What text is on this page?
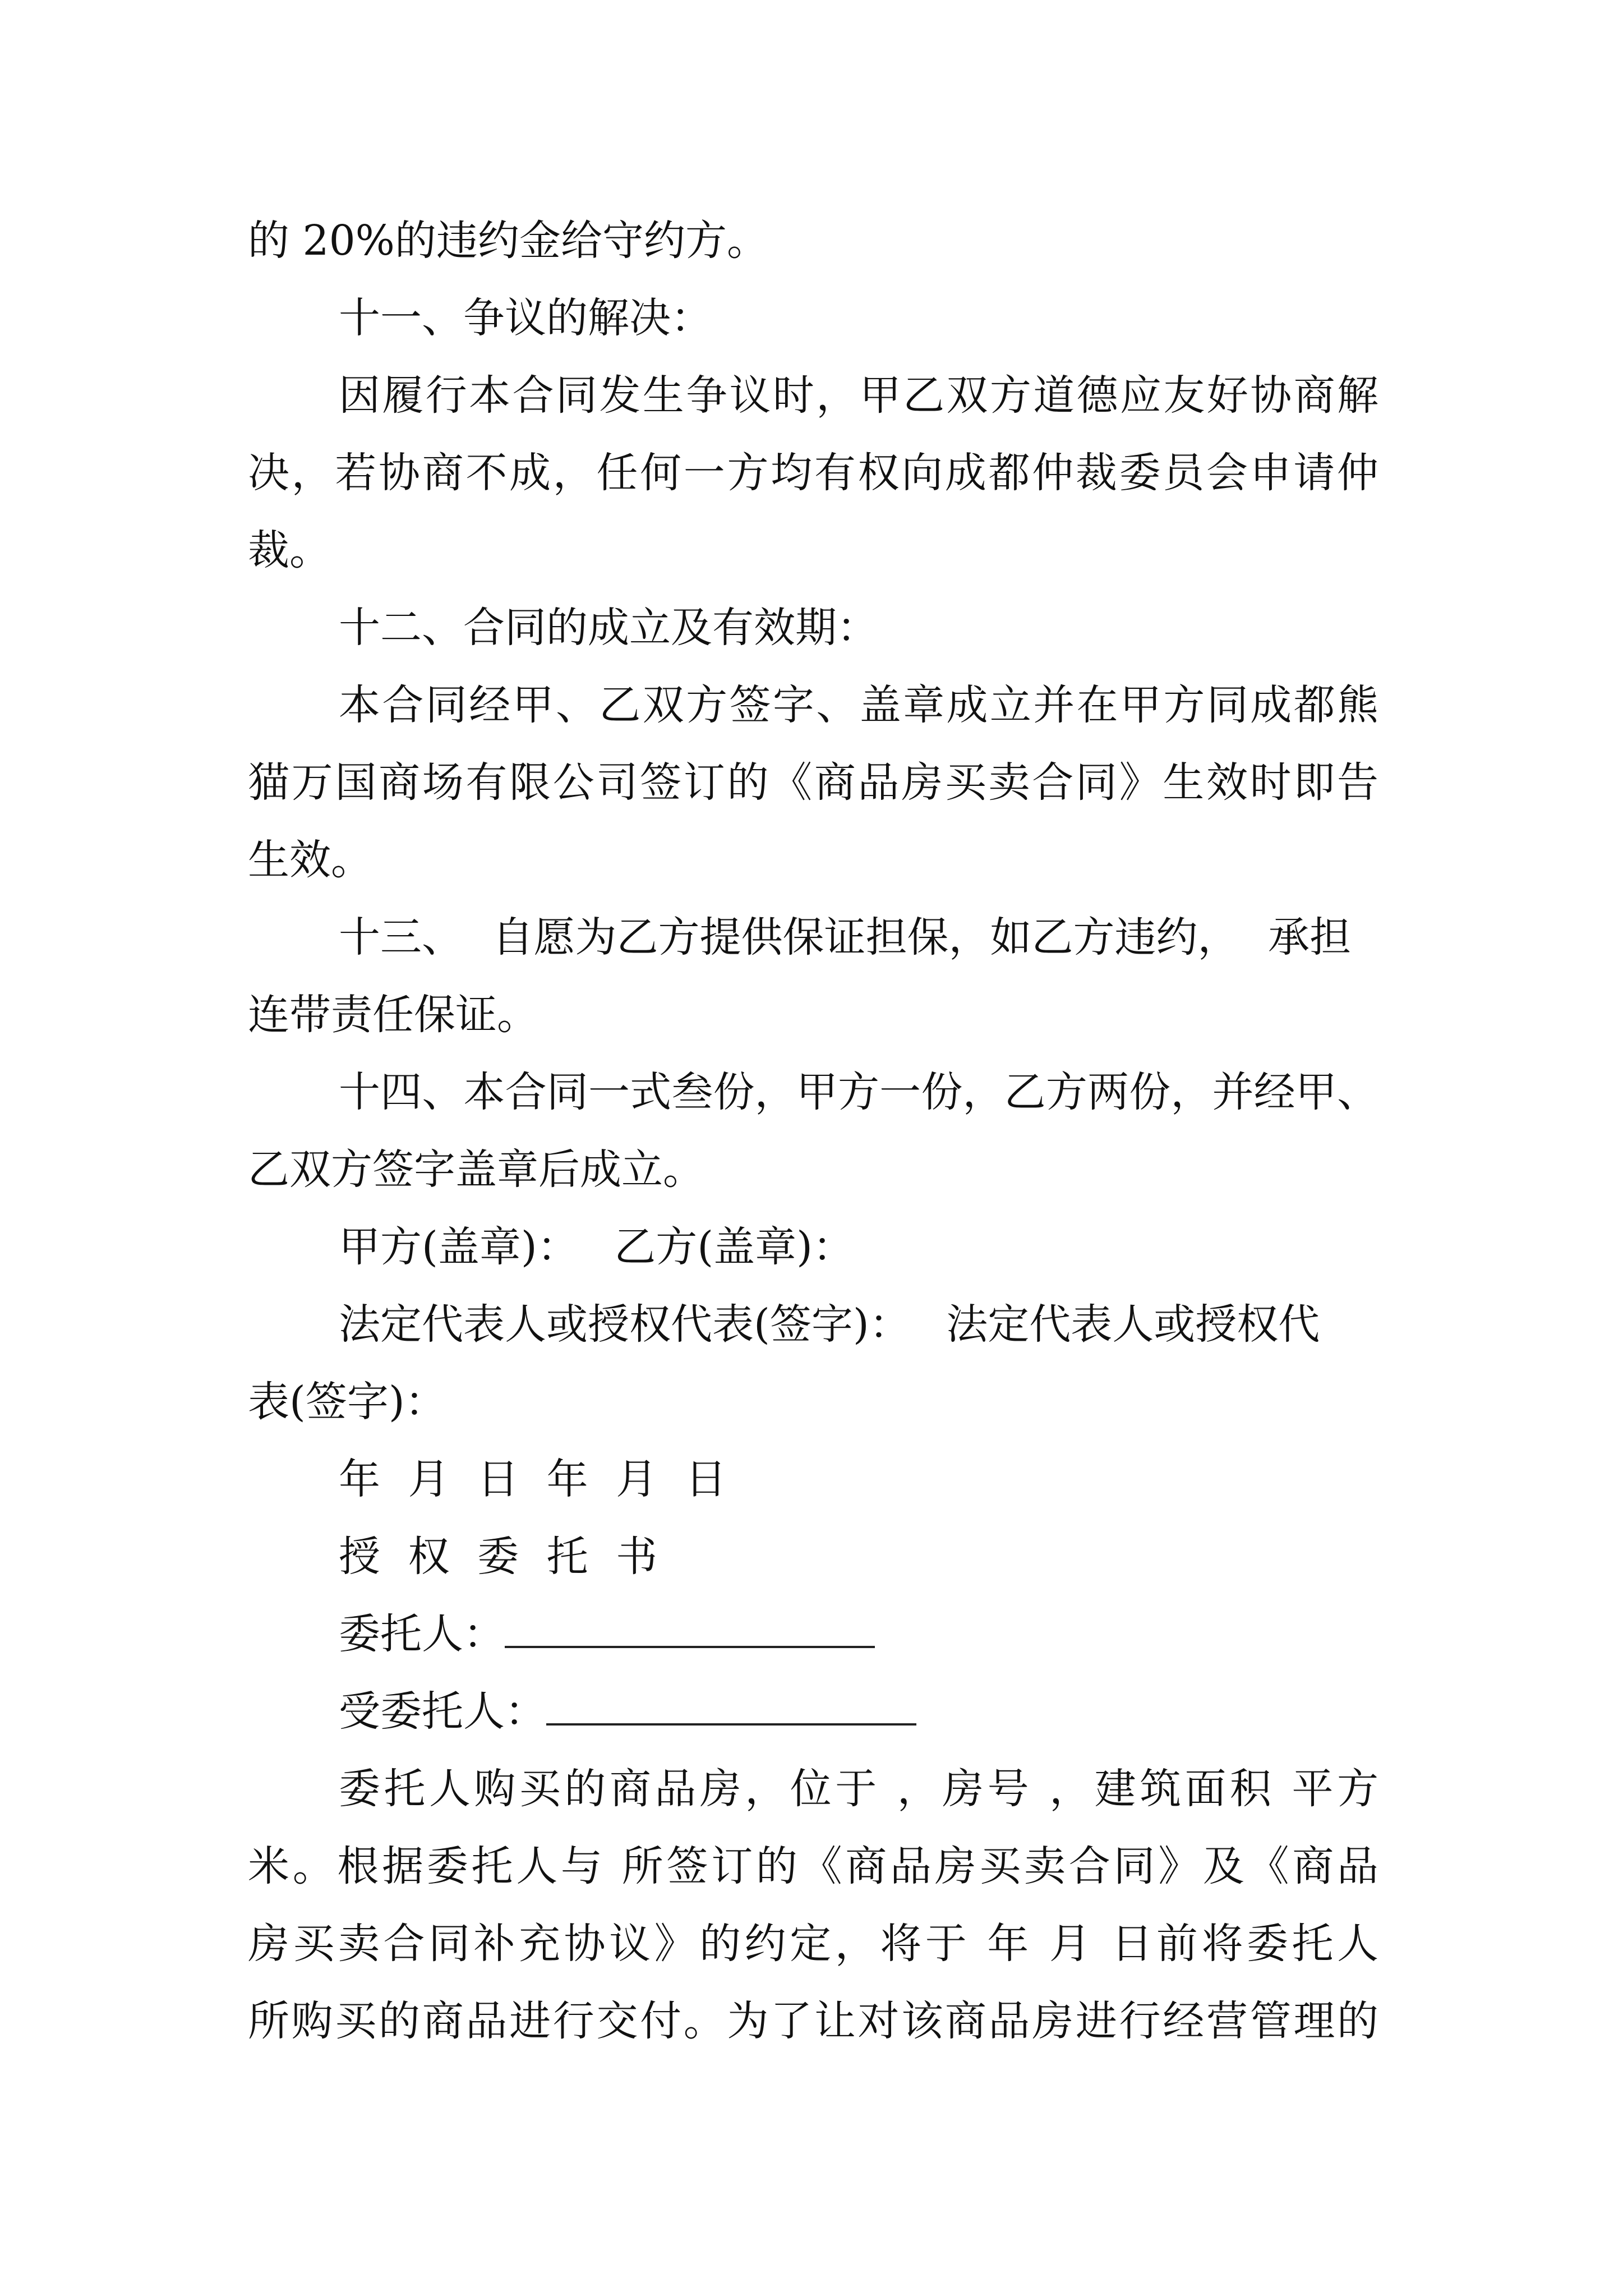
的 20%的违约金给守约方。
十一、争议的解决：
因履行本合同发生争议时，甲乙双方道德应友好协商解
决，若协商不成，任何一方均有权向成都仲裁委员会申请仲
裁。
十二、合同的成立及有效期：
本合同经甲、乙双方签字、盖章成立并在甲方同成都熊
猫万国商场有限公司签订的《商品房买卖合同》生效时即告
生效。
十三、 自愿为乙方提供保证担保，如乙方违约， 承担
连带责任保证。
十四、本合同一式叁份，甲方一份，乙方两份，并经甲、
乙双方签字盖章后成立。
甲方(盖章)： 乙方(盖章)：
法定代表人或授权代表(签字)： 法定代表人或授权代
表(签字)：
年 月 日 年 月 日
授 权 委 托 书
委托人：
受委托人：
委托人购买的商品房，位于 ，房号 ，建筑面积 平方
米。根据委托人与 所签订的《商品房买卖合同》及《商品
房买卖合同补充协议》的约定，将于 年 月 日前将委托人
所购买的商品进行交付。为了让对该商品房进行经营管理的
